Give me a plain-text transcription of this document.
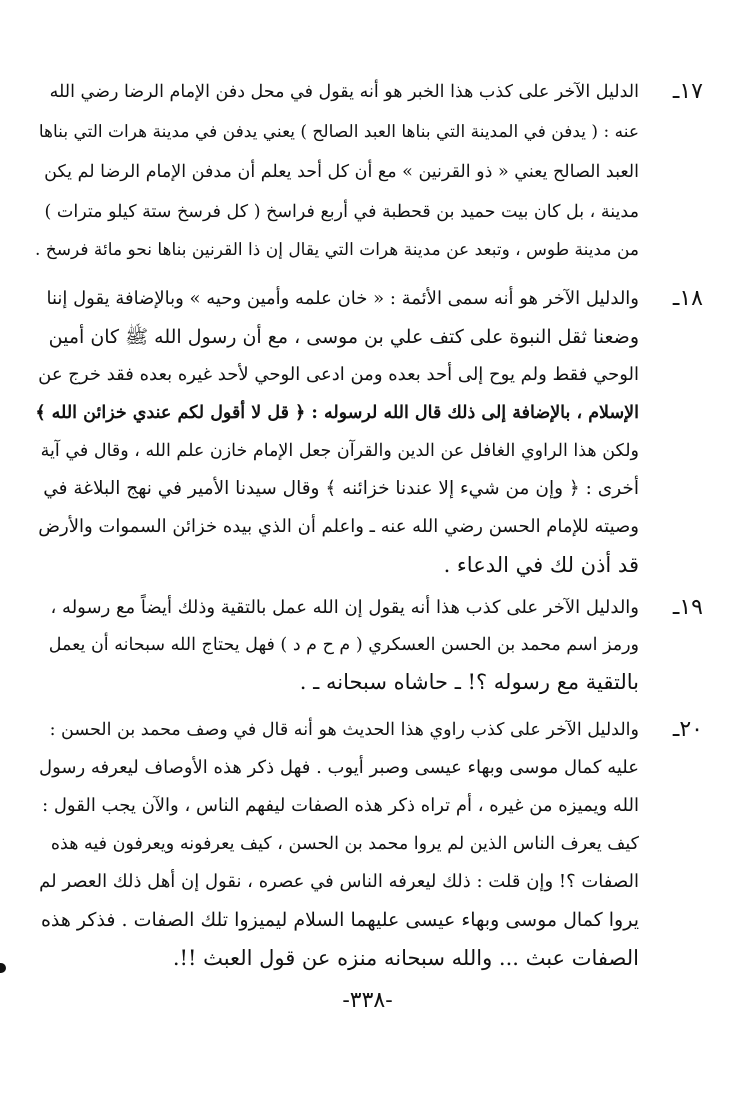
١٧ـ
الدليل الآخر على كذب هذا الخبر هو أنه يقول في محل دفن الإمام الرضا رضي الله
عنه : ( يدفن في المدينة التي بناها العبد الصالح ) يعني يدفن في مدينة هرات التي بناها
العبد الصالح يعني « ذو القرنين » مع أن كل أحد يعلم أن مدفن الإمام الرضا لم يكن
مدينة ، بل كان بيت حميد بن قحطبة في أربع فراسخ ( كل فرسخ ستة كيلو مترات )
من مدينة طوس ، وتبعد عن مدينة هرات التي يقال إن ذا القرنين بناها نحو مائة فرسخ .
١٨ـ
والدليل الآخر هو أنه سمى الأئمة : « خان علمه وأمين وحيه » وبالإضافة يقول إننا
وضعنا ثقل النبوة على كتف علي بن موسى ، مع أن رسول الله ﷺ كان أمين
الوحي فقط ولم يوح إلى أحد بعده ومن ادعى الوحي لأحد غيره بعده فقد خرج عن
الإسلام ، بالإضافة إلى ذلك قال الله لرسوله : ﴿ قل لا أقول لكم عندي خزائن الله ﴾
ولكن هذا الراوي الغافل عن الدين والقرآن جعل الإمام خازن علم الله ، وقال في آية
أخرى : ﴿ وإن من شيء إلا عندنا خزائنه ﴾ وقال سيدنا الأمير في نهج البلاغة في
وصيته للإمام الحسن رضي الله عنه ـ واعلم أن الذي بيده خزائن السموات والأرض
قد أذن لك في الدعاء .
١٩ـ
والدليل الآخر على كذب هذا أنه يقول إن الله عمل بالتقية وذلك أيضاً مع رسوله ،
ورمز اسم محمد بن الحسن العسكري ( م ح م د ) فهل يحتاج الله سبحانه أن يعمل
بالتقية مع رسوله ؟! ـ حاشاه سبحانه ـ .
٢٠ـ
والدليل الآخر على كذب راوي هذا الحديث هو أنه قال في وصف محمد بن الحسن :
عليه كمال موسى وبهاء عيسى وصبر أيوب . فهل ذكر هذه الأوصاف ليعرفه رسول
الله ويميزه من غيره ، أم تراه ذكر هذه الصفات ليفهم الناس ، والآن يجب القول :
كيف يعرف الناس الذين لم يروا محمد بن الحسن ، كيف يعرفونه ويعرفون فيه هذه
الصفات ؟! وإن قلت : ذلك ليعرفه الناس في عصره ، نقول إن أهل ذلك العصر لم
يروا كمال موسى وبهاء عيسى عليهما السلام ليميزوا تلك الصفات . فذكر هذه
الصفات عبث ... والله سبحانه منزه عن قول العبث !!.
-٣٣٨-
